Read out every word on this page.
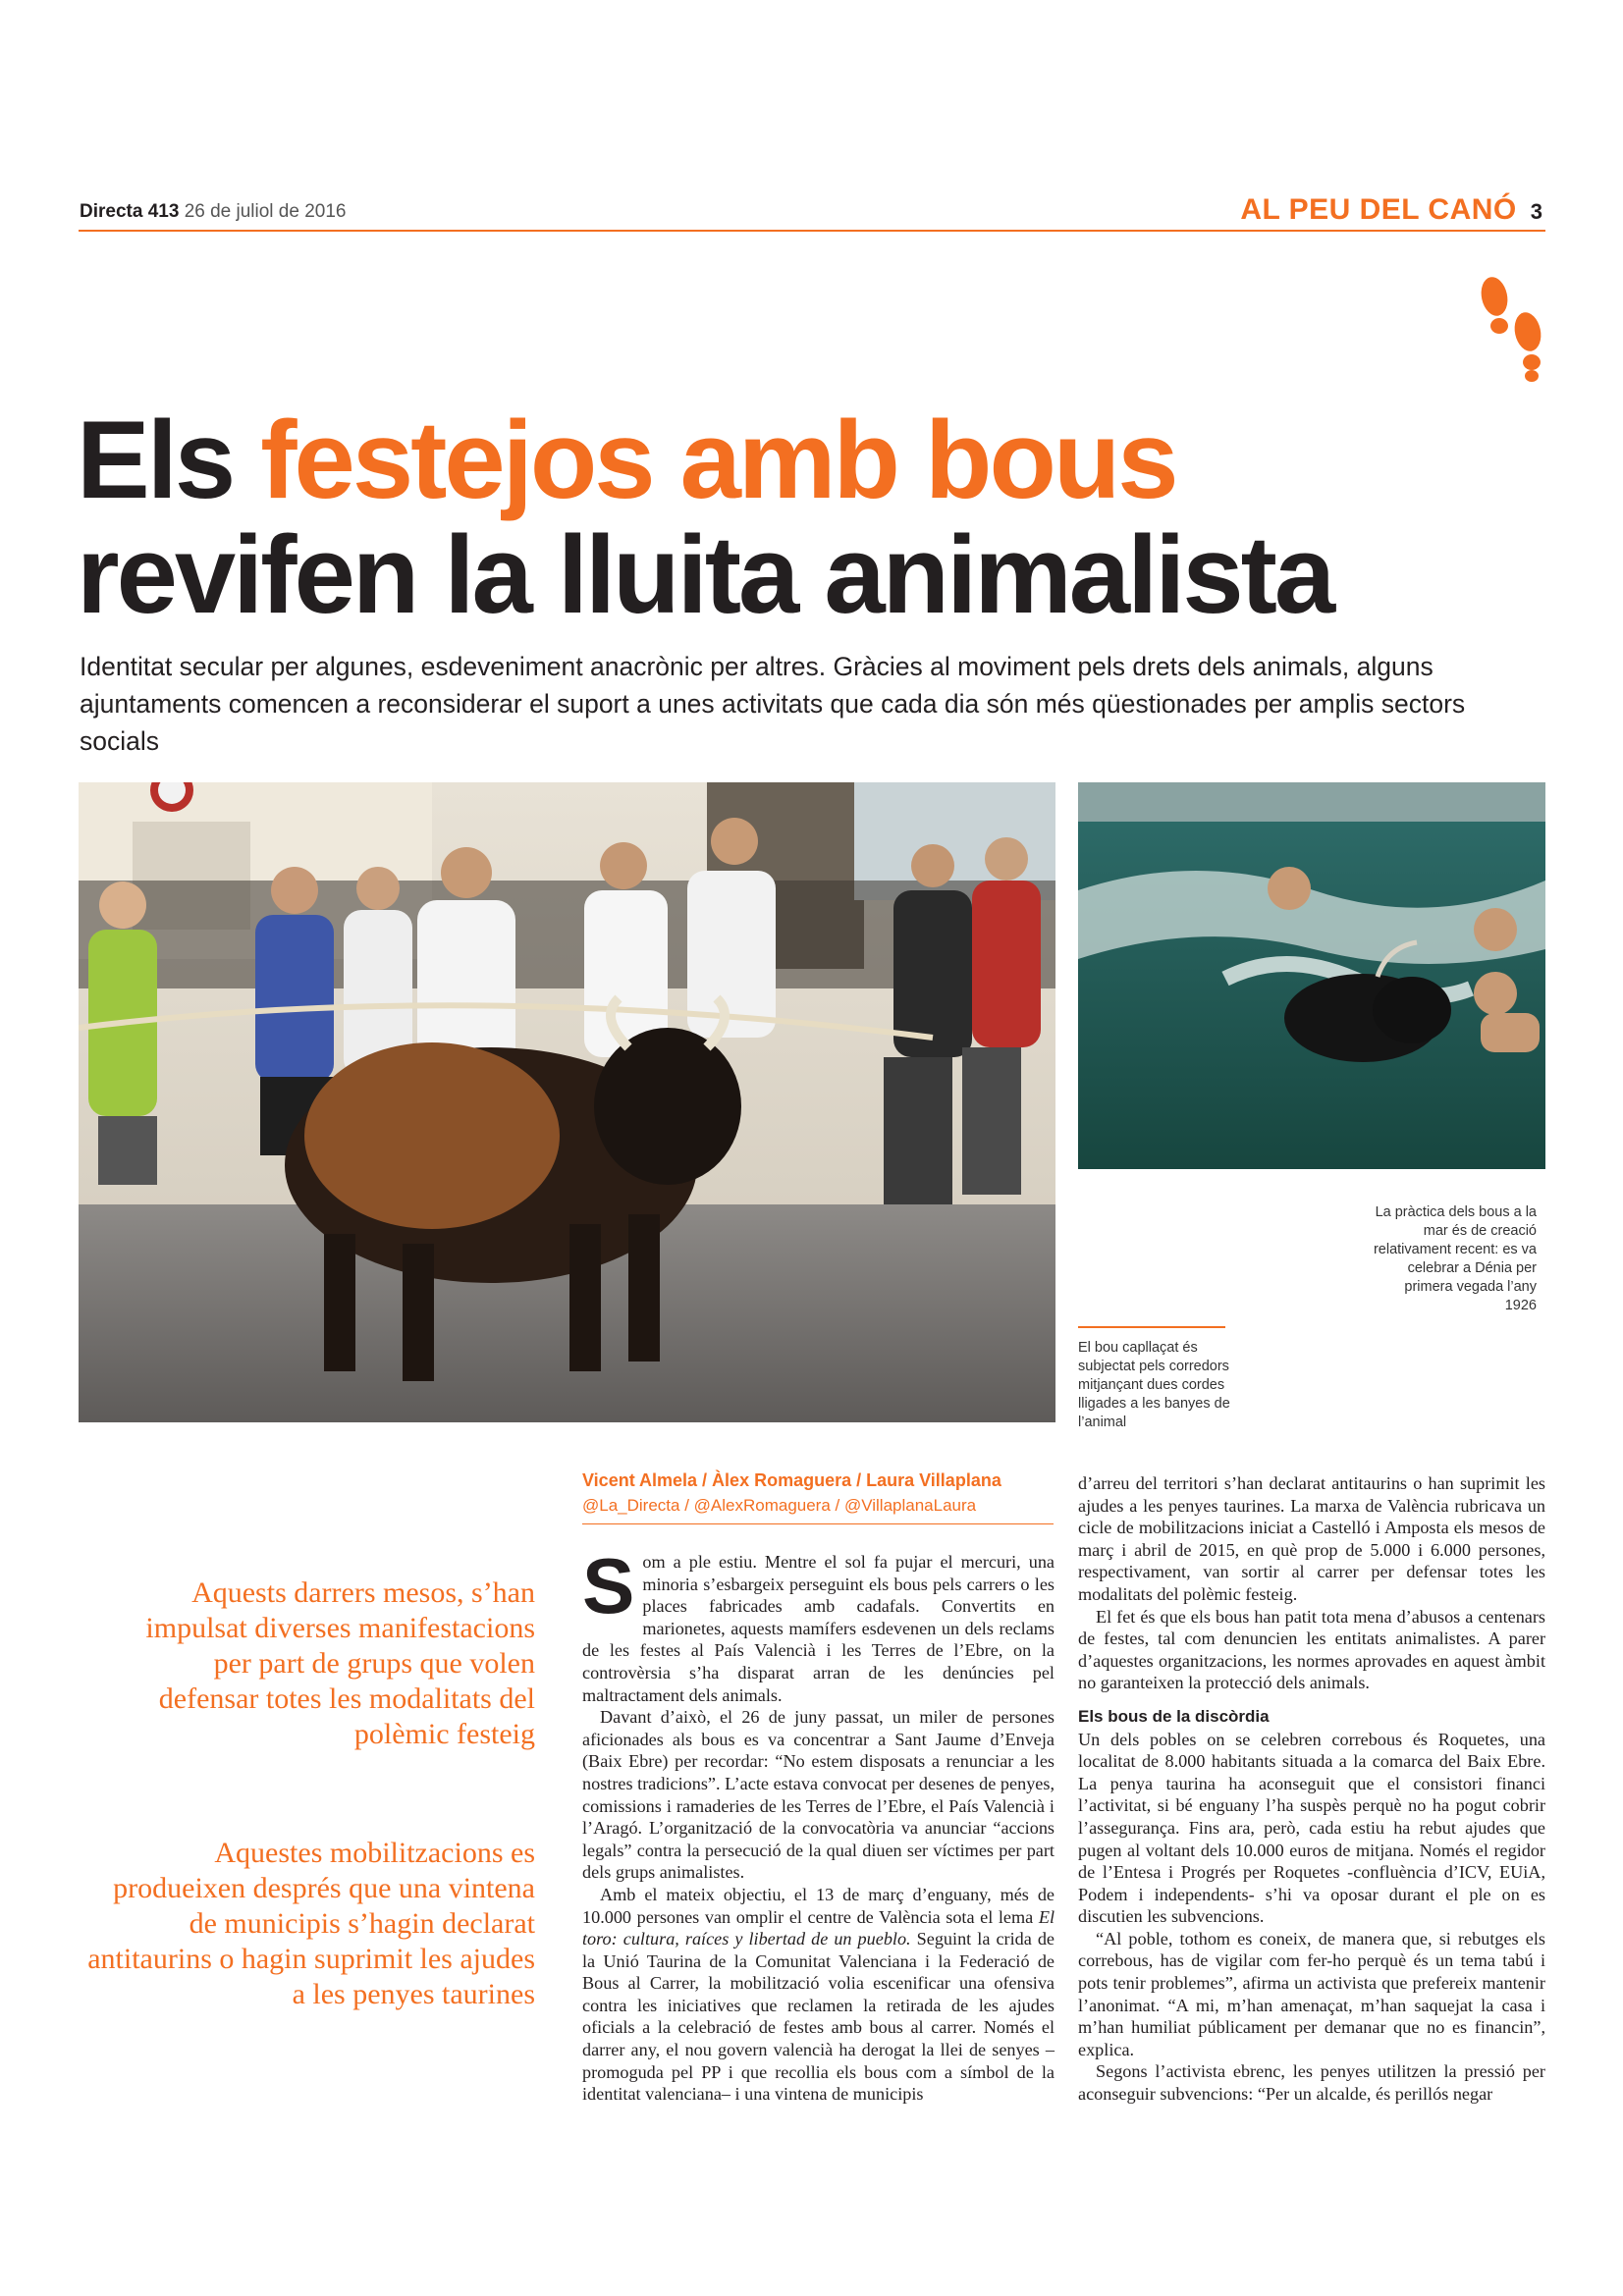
Directa 413 26 de juliol de 2016	AL PEU DEL CANÓ 3
Els festejos amb bous
revifen la lluita animalista
Identitat secular per algunes, esdeveniment anacrònic per altres. Gràcies al moviment pels drets dels animals, alguns ajuntaments comencen a reconsiderar el suport a unes activitats que cada dia són més qüestionades per amplis sectors socials
El bou capllaçat és subjectat pels corredors mitjançant dues cordes lligades a les banyes de l’animal
La pràctica dels bous a la mar és de creació relativament recent: es va celebrar a Dénia per primera vegada l’any 1926
Vicent Almela / Àlex Romaguera / Laura Villaplana
@La_Directa / @AlexRomaguera / @VillaplanaLaura
Aquests darrers mesos, s’han impulsat diverses manifestacions per part de grups que volen defensar totes les modalitats del polèmic festeig
Aquestes mobilitzacions es produeixen després que una vintena de municipis s’hagin declarat antitaurins o hagin suprimit les ajudes a les penyes taurines
S om a ple estiu. Mentre el sol fa pujar el mercuri, una minoria s’esbargeix perseguint els bous pels carrers o les places fabricades amb cadafals. Convertits en marionetes, aquests mamífers esdevenen un dels reclams de les festes al País Valencià i les Terres de l’Ebre, on la controvèrsia s’ha disparat arran de les denúncies pel maltractament dels animals.

Davant d’això, el 26 de juny passat, un miler de persones aficionades als bous es va concentrar a Sant Jaume d’Enveja (Baix Ebre) per recordar: “No estem disposats a renunciar a les nostres tradicions”. L’acte estava convocat per desenes de penyes, comissions i ramaderies de les Terres de l’Ebre, el País Valencià i l’Aragó. L’organització de la convocatòria va anunciar “accions legals” contra la persecució de la qual diuen ser víctimes per part dels grups animalistes.

Amb el mateix objectiu, el 13 de març d’enguany, més de 10.000 persones van omplir el centre de València sota el lema El toro: cultura, raíces y libertad de un pueblo. Seguint la crida de la Unió Taurina de la Comunitat Valenciana i la Federació de Bous al Carrer, la mobilització volia escenificar una ofensiva contra les iniciatives que reclamen la retirada de les ajudes oficials a la celebració de festes amb bous al carrer. Només el darrer any, el nou govern valencià ha derogat la llei de senyes –promoguda pel PP i que recollia els bous com a símbol de la identitat valenciana– i una vintena de municipis

d’arreu del territori s’han declarat antitaurins o han suprimit les ajudes a les penyes taurines. La marxa de València rubricava un cicle de mobilitzacions iniciat a Castelló i Amposta els mesos de març i abril de 2015, en què prop de 5.000 i 6.000 persones, respectivament, van sortir al carrer per defensar totes les modalitats del polèmic festeig.

El fet és que els bous han patit tota mena d’abusos a centenars de festes, tal com denuncien les entitats animalistes. A parer d’aquestes organitzacions, les normes aprovades en aquest àmbit no garanteixen la protecció dels animals.

Els bous de la discòrdia

Un dels pobles on se celebren correbous és Roquetes, una localitat de 8.000 habitants situada a la comarca del Baix Ebre. La penya taurina ha aconseguit que el consistori financi l’activitat, si bé enguany l’ha suspès perquè no ha pogut cobrir l’assegurança. Fins ara, però, cada estiu ha rebut ajudes que pugen al voltant dels 10.000 euros de mitjana. Només el regidor de l’Entesa i Progrés per Roquetes -confluència d’ICV, EUiA, Podem i independents- s’hi va oposar durant el ple on es discutien les subvencions.

“Al poble, tothom es coneix, de manera que, si rebutges els correbous, has de vigilar com fer-ho perquè és un tema tabú i pots tenir problemes”, afirma un activista que prefereix mantenir l’anonimat. “A mi, m’han amenaçat, m’han saquejat la casa i m’han humiliat públicament per demanar que no es financin”, explica.

Segons l’activista ebrenc, les penyes utilitzen la pressió per aconseguir subvencions: “Per un alcalde, és perillós negar
